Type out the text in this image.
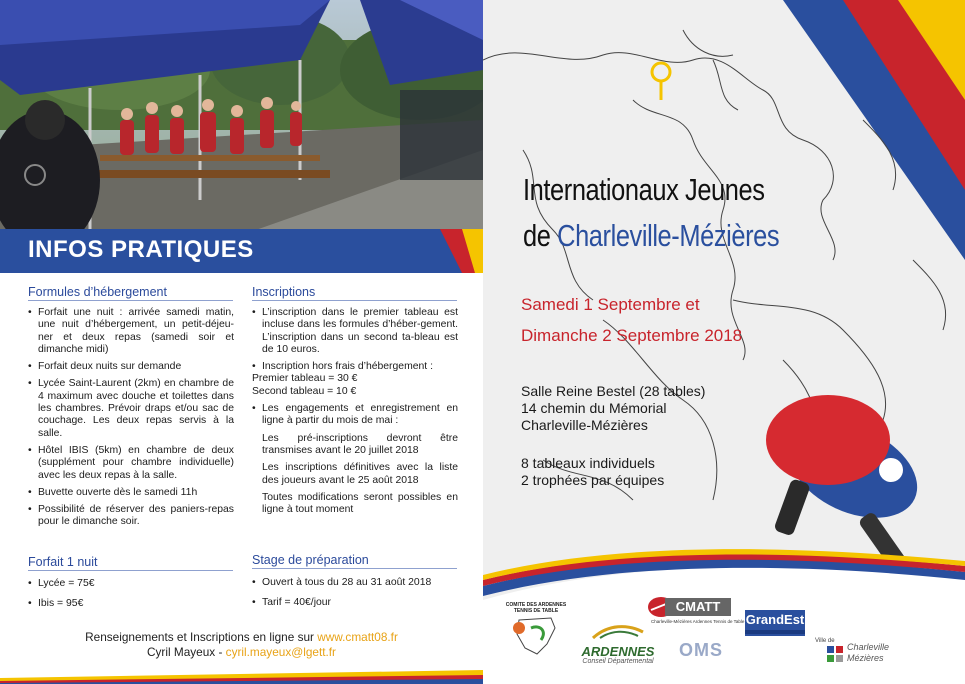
INFOS PRATIQUES
Formules d’hébergement
• Forfait une nuit : arrivée samedi matin, une nuit d’hébergement, un petit-déjeu-ner et deux repas (samedi soir et dimanche midi)
• Forfait deux nuits sur demande
• Lycée Saint-Laurent (2km) en chambre de 4 maximum avec douche et toilettes dans les chambres. Prévoir draps et/ou sac de couchage. Les deux repas servis à la salle.
• Hôtel IBIS (5km) en chambre de deux (supplément pour chambre individuelle) avec les deux repas à la salle.
• Buvette ouverte dès le samedi 11h
• Possibilité de réserver des paniers-repas pour le dimanche soir.
Forfait 1 nuit
• Lycée = 75€
• Ibis = 95€
Inscriptions
• L’inscription dans le premier tableau est incluse dans les formules d’héber-gement. L’inscription dans un second ta-bleau est de 10 euros.
• Inscription hors frais d’hébergement :
Premier tableau = 30 €
Second tableau = 10 €
• Les engagements et enregistrement en ligne à partir du mois de mai :
Les pré-inscriptions devront être transmises avant le 20 juillet 2018
Les inscriptions définitives avec la liste des joueurs avant le 25 août 2018
Toutes modifications seront possibles en ligne à tout moment
Stage de préparation
• Ouvert à tous du 28 au 31 août 2018
• Tarif = 40€/jour
Renseignements et Inscriptions en ligne sur www.cmatt08.fr
Cyril Mayeux - cyril.mayeux@lgett.fr
Internationaux Jeunes
de Charleville-Mézières
Samedi 1 Septembre et
Dimanche 2 Septembre 2018
Salle Reine Bestel (28 tables)
14 chemin du Mémorial
Charleville-Mézières
8 tableaux individuels
2 trophées par équipes
COMITE DES ARDENNES
TENNIS DE TABLE
ARDENNES
Conseil Départemental
CMATT
Charleville-Mézières Ardennes Tennis de Table
OMS
GrandEst
Ville de
Charleville
Mézières
